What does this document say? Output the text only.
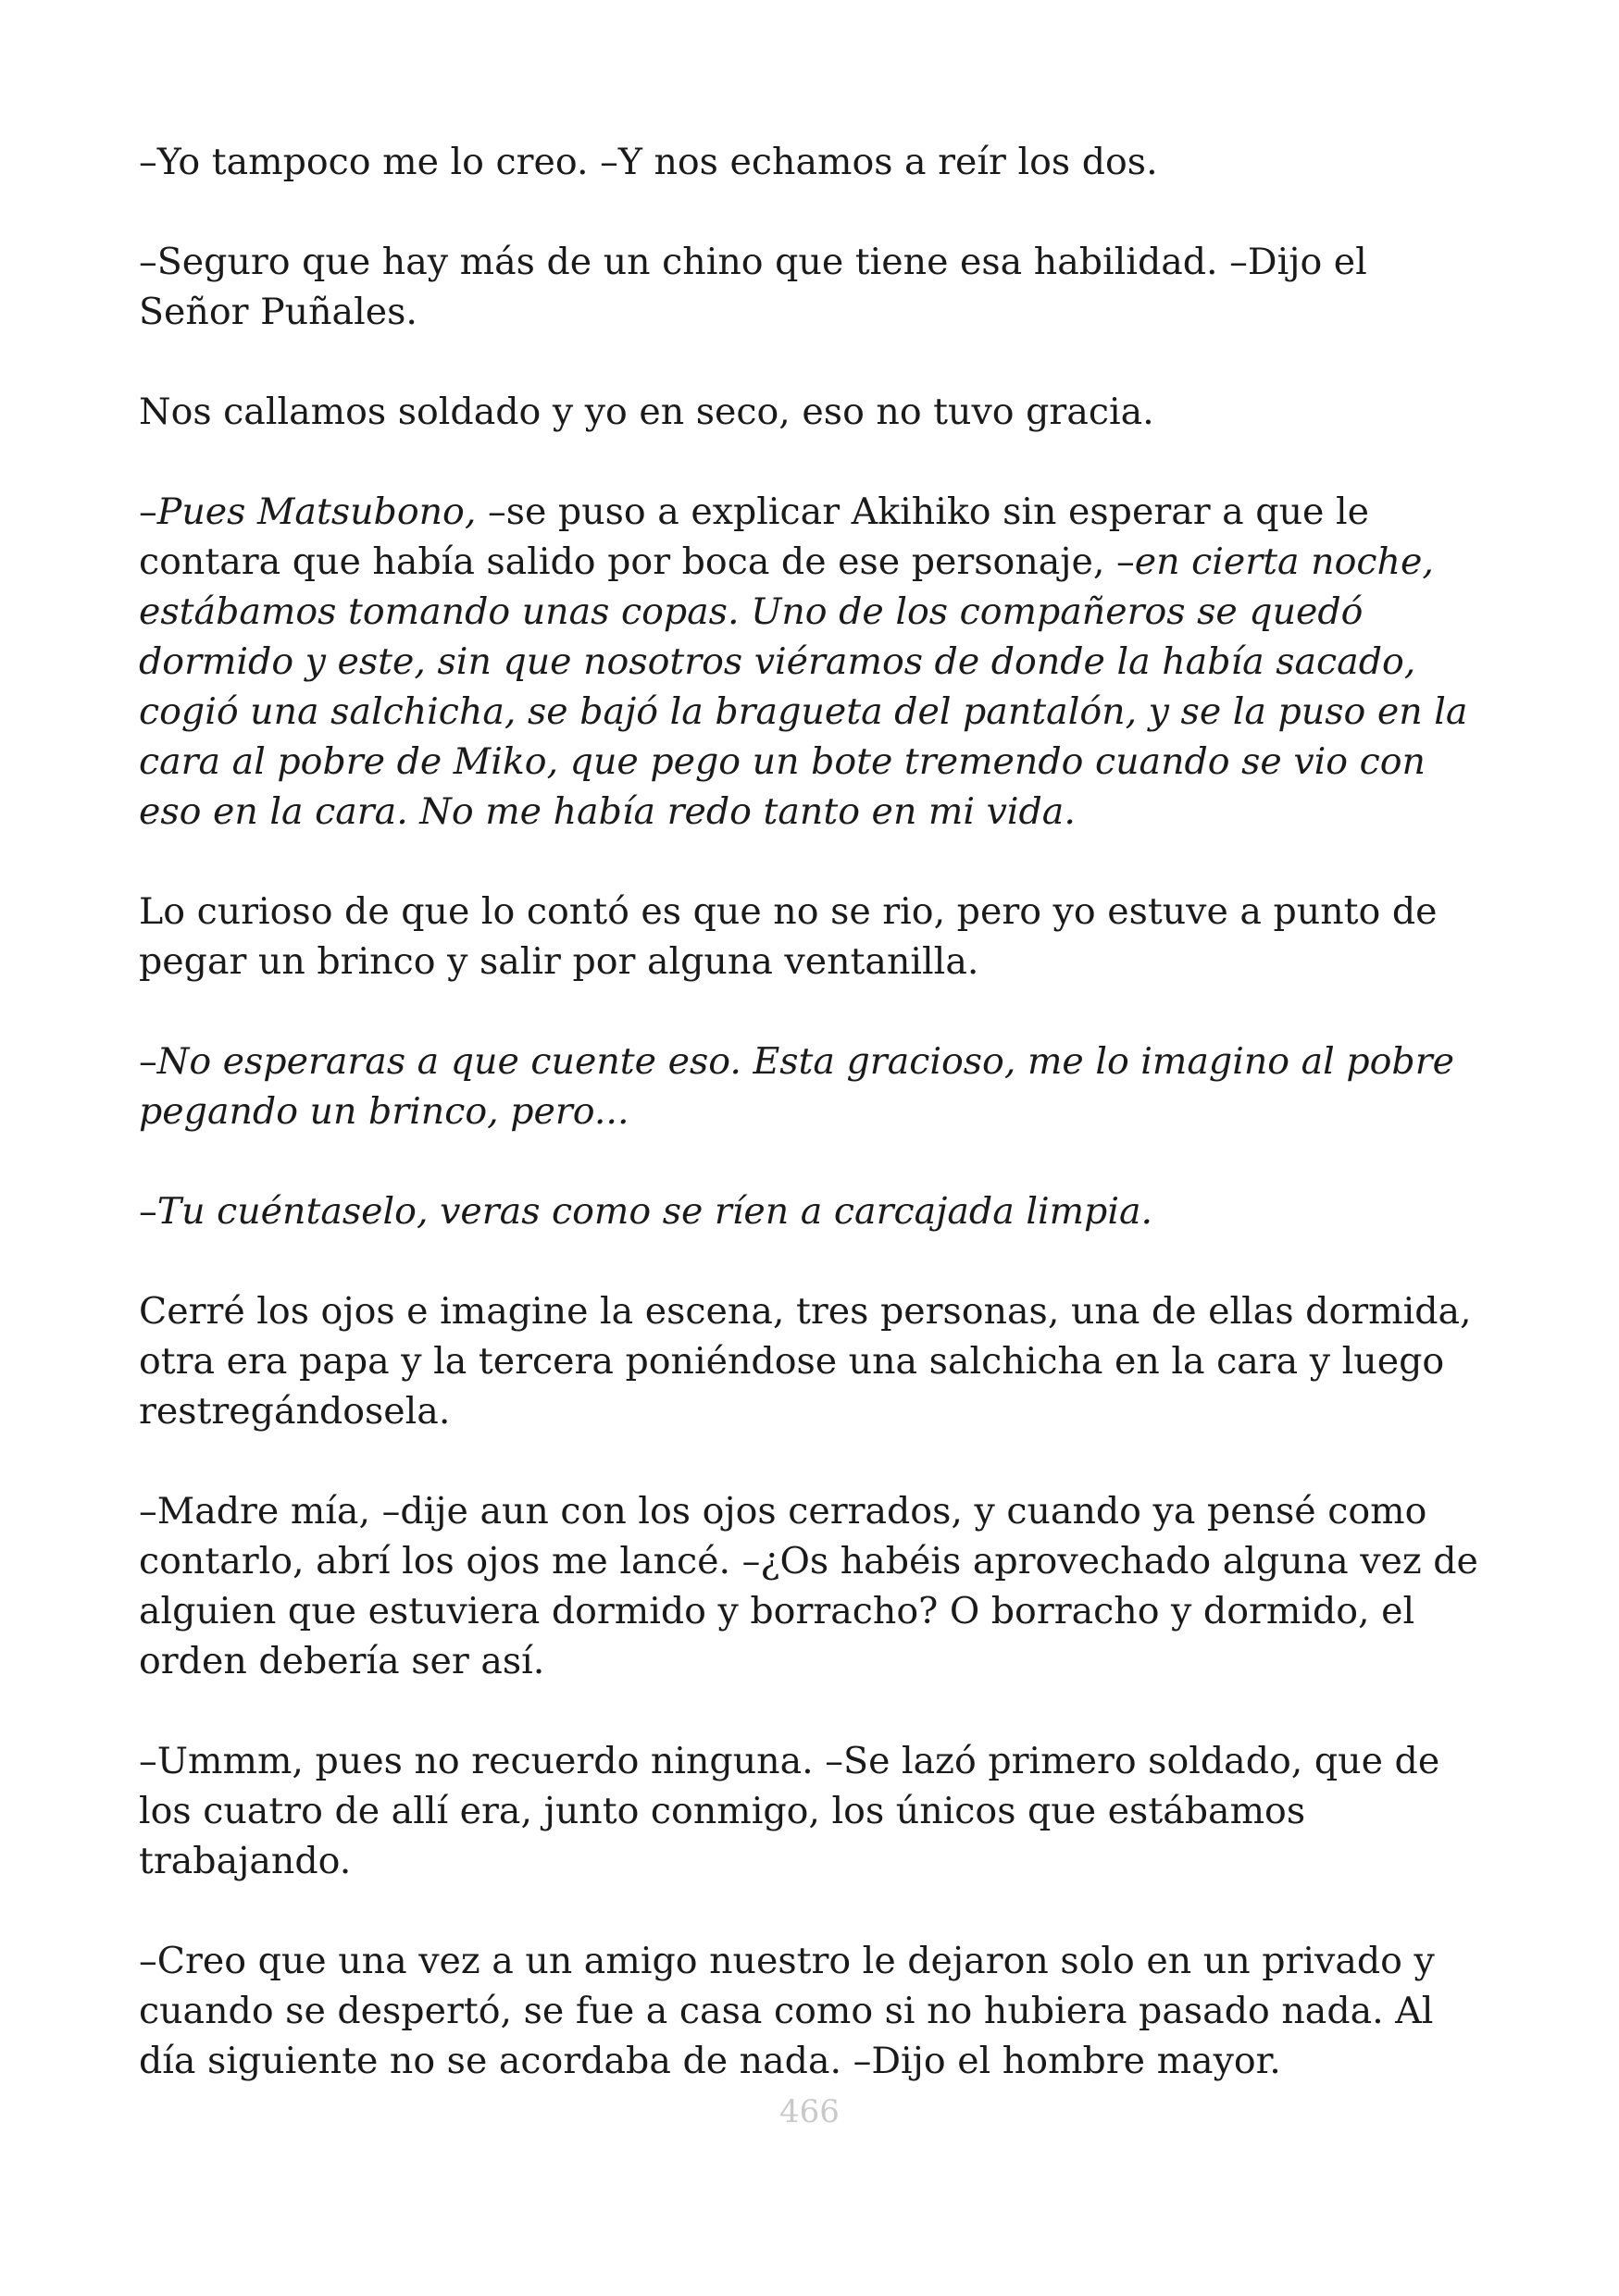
–Yo tampoco me lo creo. –Y nos echamos a reír los dos.

–Seguro que hay más de un chino que tiene esa habilidad. –Dijo el Señor Puñales.

Nos callamos soldado y yo en seco, eso no tuvo gracia.

–Pues Matsubono, –se puso a explicar Akihiko sin esperar a que le contara que había salido por boca de ese personaje, –en cierta noche, estábamos tomando unas copas. Uno de los compañeros se quedó dormido y este, sin que nosotros viéramos de donde la había sacado, cogió una salchicha, se bajó la bragueta del pantalón, y se la puso en la cara al pobre de Miko, que pego un bote tremendo cuando se vio con eso en la cara. No me había redo tanto en mi vida.

Lo curioso de que lo contó es que no se rio, pero yo estuve a punto de pegar un brinco y salir por alguna ventanilla.

–No esperaras a que cuente eso. Esta gracioso, me lo imagino al pobre pegando un brinco, pero...

–Tu cuéntaselo, veras como se ríen a carcajada limpia.

Cerré los ojos e imagine la escena, tres personas, una de ellas dormida, otra era papa y la tercera poniéndose una salchicha en la cara y luego restregándosela.

–Madre mía, –dije aun con los ojos cerrados, y cuando ya pensé como contarlo, abrí los ojos me lancé. –¿Os habéis aprovechado alguna vez de alguien que estuviera dormido y borracho? O borracho y dormido, el orden debería ser así.

–Ummm, pues no recuerdo ninguna. –Se lazó primero soldado, que de los cuatro de allí era, junto conmigo, los únicos que estábamos trabajando.

–Creo que una vez a un amigo nuestro le dejaron solo en un privado y cuando se despertó, se fue a casa como si no hubiera pasado nada. Al día siguiente no se acordaba de nada. –Dijo el hombre mayor.

466
